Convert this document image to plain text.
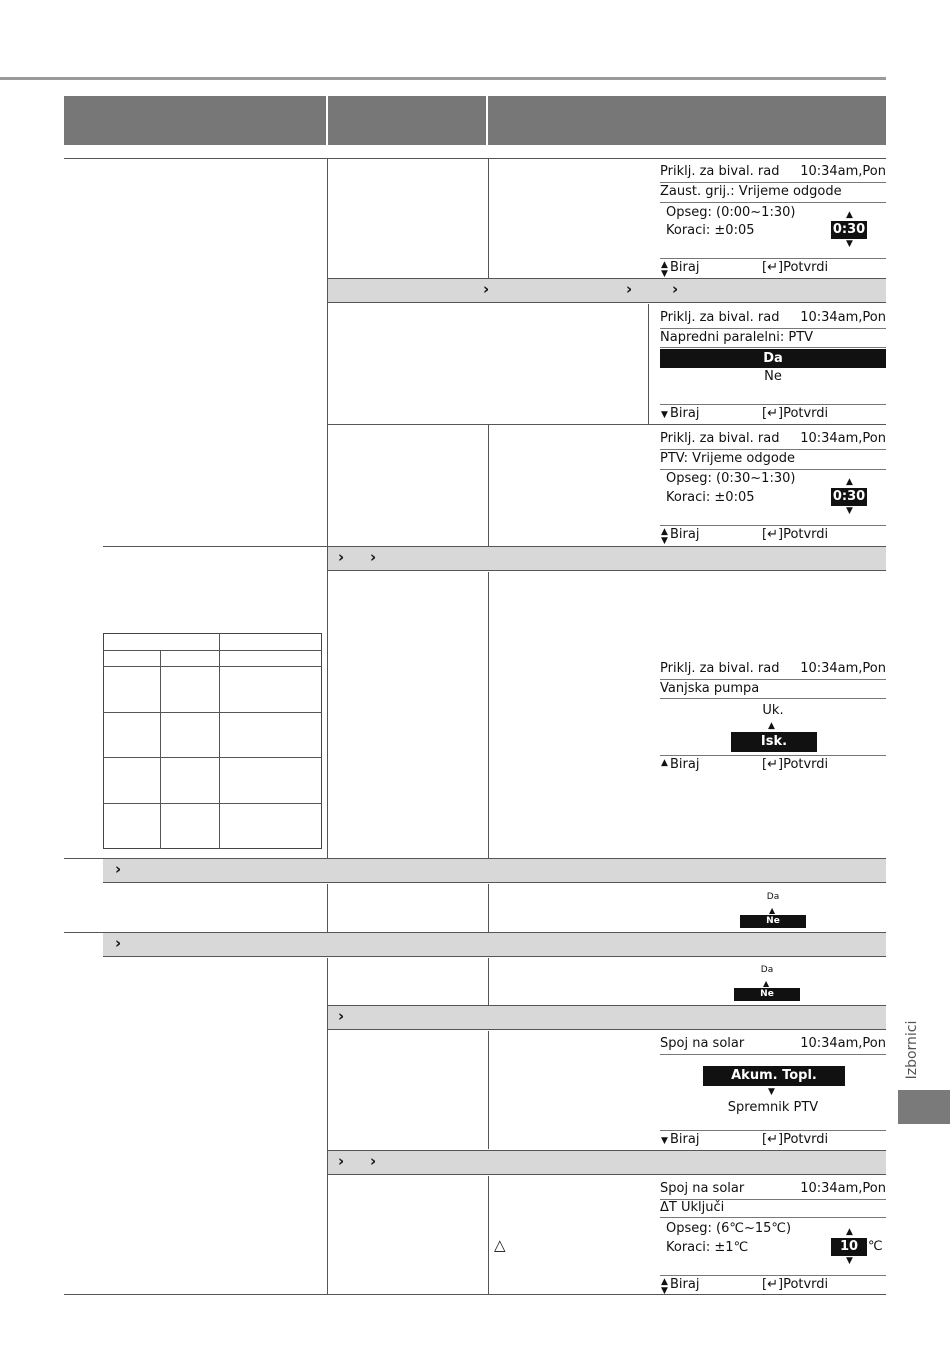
›	›	›
› ›
›
›
›
› ›
Priklj. za bival. rad 10:34am,Pon
Zaust. grij.: Vrijeme odgode
Opseg: (0:00~1:30)
Koraci: ±0:05
▲
0:30
▼
▲
▼ Biraj	[↵]Potvrdi
Priklj. za bival. rad 10:34am,Pon
Napredni paralelni: PTV
Da
Ne
▼ Biraj	[↵]Potvrdi
Priklj. za bival. rad 10:34am,Pon
PTV: Vrijeme odgode
Opseg: (0:30~1:30)
Koraci: ±0:05
▲
0:30
▼
▲
▼ Biraj	[↵]Potvrdi
Priklj. za bival. rad 10:34am,Pon
Vanjska pumpa
Uk.
▲
Isk.
▲ Biraj	[↵]Potvrdi
Da
▲
Ne
Da
▲
Ne
Spoj na solar	10:34am,Pon
Akum. Topl.
▼
Spremnik PTV
▼ Biraj	[↵]Potvrdi
Spoj na solar	10:34am,Pon
ΔT Uključi
Opseg: (6℃~15℃)
Koraci: ±1℃
▲
10 ℃
▼
▲
▼ Biraj	[↵]Potvrdi
△
Izbornici
